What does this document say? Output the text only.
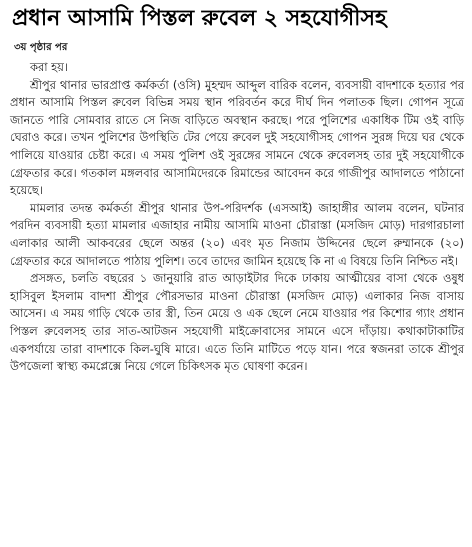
প্রধান আসামি পিস্তল রুবেল ২ সহযোগীসহ
৩য় পৃষ্ঠার পর

করা হয়।

শ্রীপুর থানার ভারপ্রাপ্ত কর্মকর্তা (ওসি) মুহম্মদ আব্দুল বারিক বলেন, ব্যবসায়ী বাদশাকে হত্যার পর প্রধান আসামি পিস্তল রুবেল বিভিন্ন সময় স্থান পরিবর্তন করে দীর্ঘ দিন পলাতক ছিল। গোপন সূত্রে জানতে পারি সোমবার রাতে সে নিজ বাড়িতে অবস্থান করছে। পরে পুলিশের একাধিক টিম ওই বাড়ি ঘেরাও করে। তখন পুলিশের উপস্থিতি টের পেয়ে রুবেল দুই সহযোগীসহ গোপন সুরঙ্গ দিয়ে ঘর থেকে পালিয়ে যাওয়ার চেষ্টা করে। এ সময় পুলিশ ওই সুরঙ্গের সামনে থেকে রুবেলসহ তার দুই সহযোগীকে গ্রেফতার করে। গতকাল মঙ্গলবার আসামিদেরকে রিমান্ডের আবেদন করে গাজীপুর আদালতে পাঠানো হয়েছে।

মামলার তদন্ত কর্মকর্তা শ্রীপুর থানার উপ-পরিদর্শক (এসআই) জাহাঙ্গীর আলম বলেন, ঘটনার পরদিন ব্যবসায়ী হত্যা মামলার এজাহার নামীয় আসামি মাওনা চৌরাস্তা (মসজিদ মোড়) দারগারচালা এলাকার আলী আকবরের ছেলে অন্তর (২০) এবং মৃত নিজাম উদ্দিনের ছেলে রুম্মানকে (২০) গ্রেফতার করে আদালতে পাঠায় পুলিশ। তবে তাদের জামিন হয়েছে কি না এ বিষয়ে তিনি নিশ্চিত নই।

প্রসঙ্গত, চলতি বছরের ১ জানুয়ারি রাত আড়াইটার দিকে ঢাকায় আত্মীয়ের বাসা থেকে ওষুধ হাসিবুল ইসলাম বাদশা শ্রীপুর পৌরসভার মাওনা চৌরাস্তা (মসজিদ মোড়) এলাকার নিজ বাসায় আসেন। এ সময় গাড়ি থেকে তার স্ত্রী, তিন মেয়ে ও এক ছেলে নেমে যাওয়ার পর কিশোর গ্যাং প্রধান পিস্তল রুবেলসহ তার সাত-আটজন সহযোগী মাইক্রোবাসের সামনে এসে দাঁড়ায়। কথাকাটাকাটির একপর্যায়ে তারা বাদশাকে কিল-ঘুষি মারে। এতে তিনি মাটিতে পড়ে যান। পরে স্বজনরা তাকে শ্রীপুর উপজেলা স্বাস্থ্য কমপ্লেক্সে নিয়ে গেলে চিকিৎসক মৃত ঘোষণা করেন।
